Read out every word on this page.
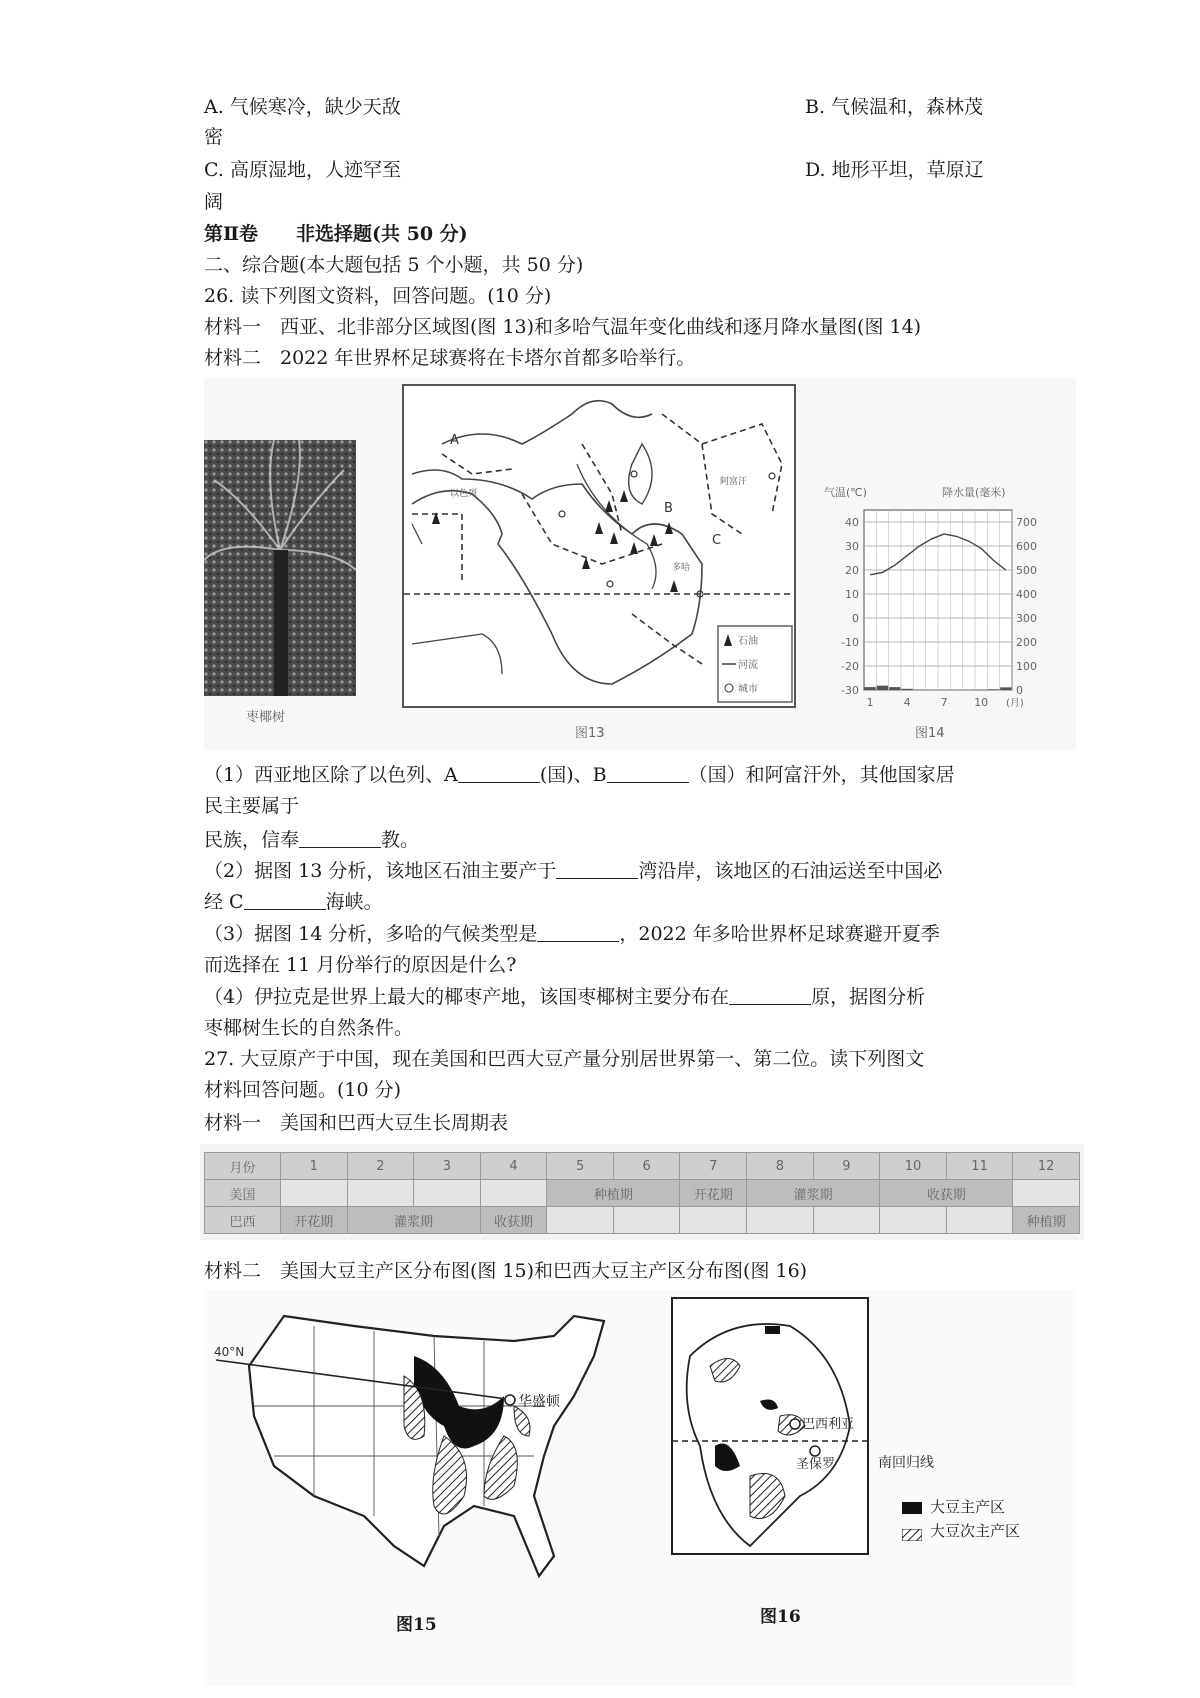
A. 气候寒冷，缺少天敌	B. 气候温和，森林茂
密
C. 高原湿地，人迹罕至	D. 地形平坦，草原辽
阔
第Ⅱ卷　　非选择题(共 50 分)
二、综合题(本大题包括 5 个小题，共 50 分)
26. 读下列图文资料，回答问题。(10 分)
材料一　西亚、北非部分区域图(图 13)和多哈气温年变化曲线和逐月降水量图(图 14)
材料二　2022 年世界杯足球赛将在卡塔尔首都多哈举行。
枣椰树
以色列
阿富汗
多哈
A
B
C
石油
河流
城市
图13
40
30
20
10
0
-10
-20
-30
700
600
500
400
300
200
100
0
1	4	7 10 (月)
气温(℃)	降水量(毫米)
图14
（1）西亚地区除了以色列、A	(国)、B	（国）和阿富汗外，其他国家居
民主要属于
民族，信奉	教。
（2）据图 13 分析，该地区石油主要产于	湾沿岸，该地区的石油运送至中国必
经 C	海峡。
（3）据图 14 分析，多哈的气候类型是	，2022 年多哈世界杯足球赛避开夏季
而选择在 11 月份举行的原因是什么?
（4）伊拉克是世界上最大的椰枣产地，该国枣椰树主要分布在	原，据图分析
枣椰树生长的自然条件。
27. 大豆原产于中国，现在美国和巴西大豆产量分别居世界第一、第二位。读下列图文
材料回答问题。(10 分)
材料一　美国和巴西大豆生长周期表
月份	1	2	3	4	5	6	7	8	9	10	11	12
美国					种植期		开花期	灌浆期		收获期		
巴西	开花期	灌浆期		收获期								种植期
材料二　美国大豆主产区分布图(图 15)和巴西大豆主产区分布图(图 16)
40°N
华盛顿
巴西利亚
圣保罗	南回归线
大豆主产区
大豆次主产区
图15	图16
